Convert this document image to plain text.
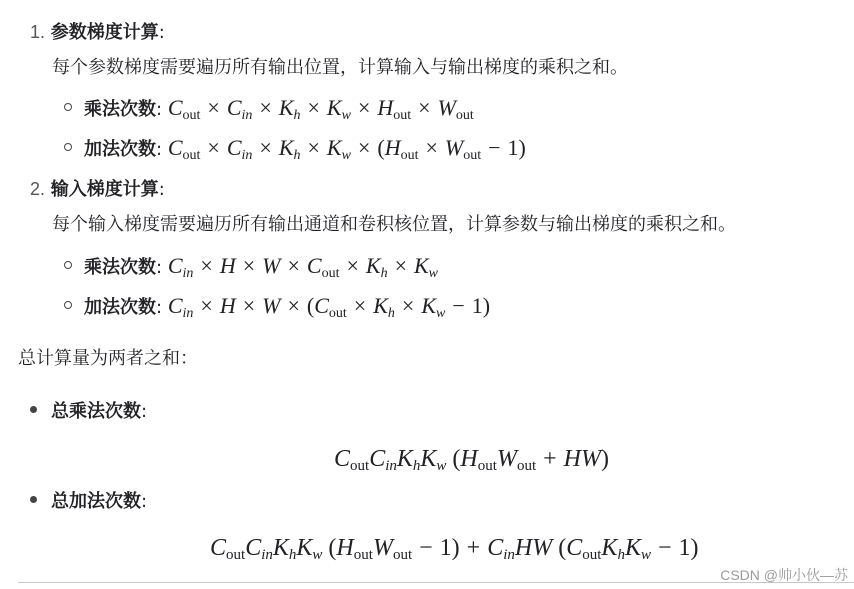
1. 参数梯度计算:
每个参数梯度需要遍历所有输出位置，计算输入与输出梯度的乘积之和。
乘法次数: $C_{out} \times C_{in} \times K_h \times K_w \times H_{out} \times W_{out}$
加法次数: $C_{out} \times C_{in} \times K_h \times K_w \times (H_{out} \times W_{out} - 1)$
2. 输入梯度计算:
每个输入梯度需要遍历所有输出通道和卷积核位置，计算参数与输出梯度的乘积之和。
乘法次数: $C_{in} \times H \times W \times C_{out} \times K_h \times K_w$
加法次数: $C_{in} \times H \times W \times (C_{out} \times K_h \times K_w - 1)$
总计算量为两者之和：
总乘法次数:
$C_{out}C_{in}K_hK_w$ $(H_{out}W_{out} + HW)$
总加法次数:
$C_{out}C_{in}K_hK_w$ $(H_{out}W_{out} - 1) + C_{in}HW$ $(C_{out}K_hK_w - 1)$
CSDN @帅小伙—苏
